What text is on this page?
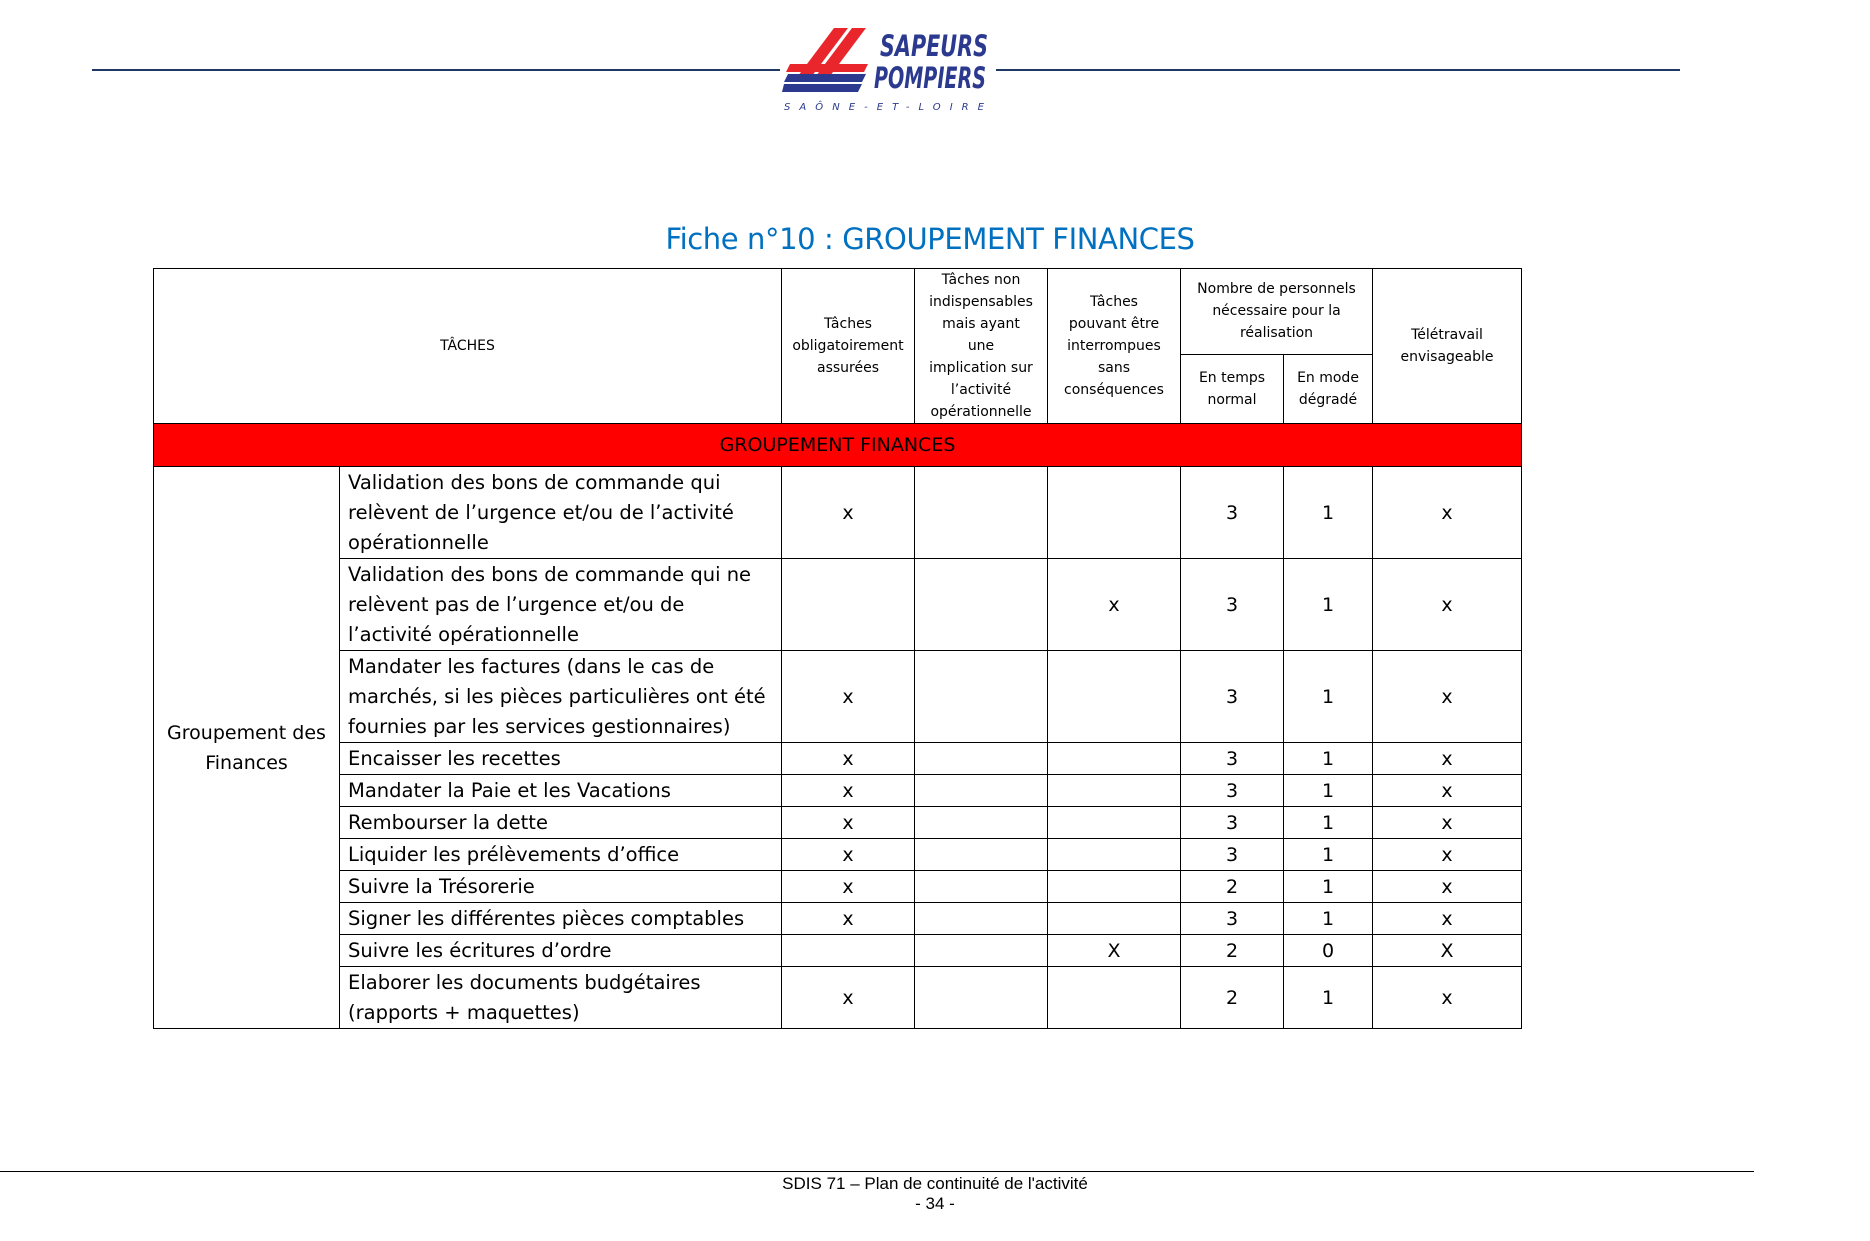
SAPEURS
POMPIERS
SAÔNE-ET-LOIRE
Fiche n°10 : GROUPEMENT FINANCES
TÂCHES		Tâches obligatoirement assurées	Tâches non indispensables mais ayant une implication sur l’activité opérationnelle	Tâches pouvant être interrompues sans conséquences	Nombre de personnels nécessaire pour la réalisation		Télétravail envisageable
					En temps normal	En mode dégradé	
GROUPEMENT FINANCES							
Groupement des Finances	Validation des bons de commande qui relèvent de l’urgence et/ou de l’activité opérationnelle	x			3	1	x
	Validation des bons de commande qui ne relèvent pas de l’urgence et/ou de l’activité opérationnelle			x	3	1	x
	Mandater les factures (dans le cas de marchés, si les pièces particulières ont été fournies par les services gestionnaires)	x			3	1	x
	Encaisser les recettes	x			3	1	x
	Mandater la Paie et les Vacations	x			3	1	x
	Rembourser la dette	x			3	1	x
	Liquider les prélèvements d’office	x			3	1	x
	Suivre la Trésorerie	x			2	1	x
	Signer les différentes pièces comptables	x			3	1	x
	Suivre les écritures d’ordre			X	2	0	X
	Elaborer les documents budgétaires (rapports + maquettes)	x			2	1	x
SDIS 71 – Plan de continuité de l'activité
- 34 -
